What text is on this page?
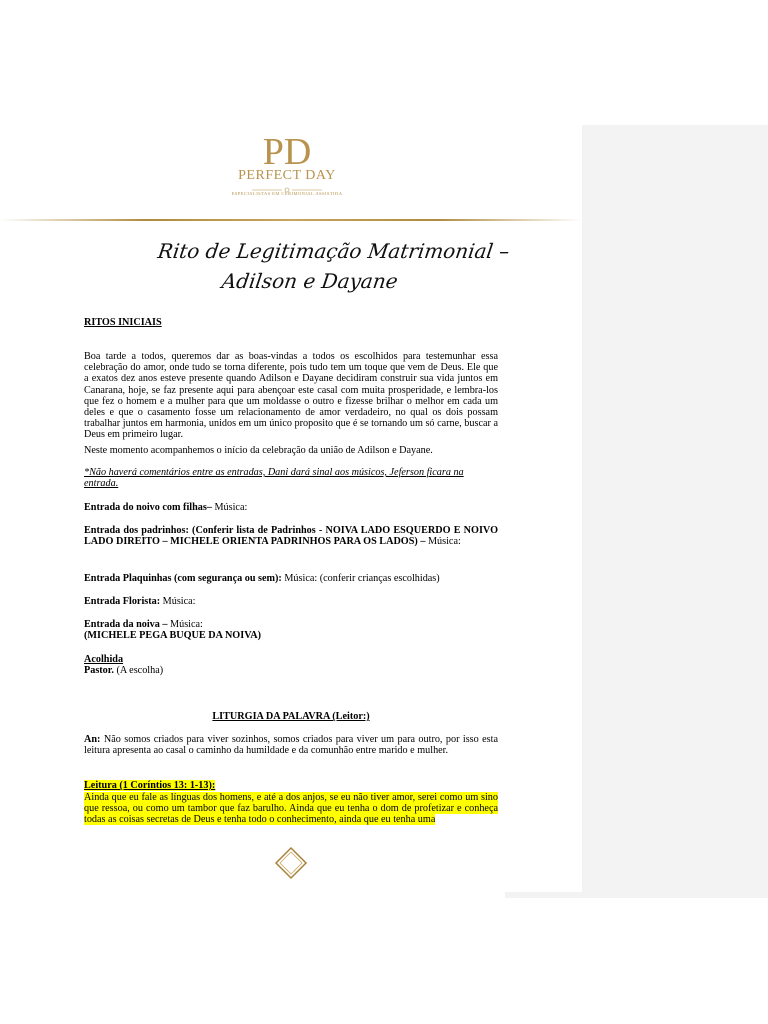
PD
PERFECT DAY
ESPECIALISTAS EM CERIMONIAL ASSISTIDA
Rito de Legitimação Matrimonial –
Adilson e Dayane
RITOS INICIAIS
Boa tarde a todos, queremos dar as boas-vindas a todos os escolhidos para testemunhar essa celebração do amor, onde tudo se torna diferente, pois tudo tem um toque que vem de Deus. Ele que a exatos dez anos esteve presente quando Adilson e Dayane decidiram construir sua vida juntos em Canarana, hoje, se faz presente aqui para abençoar este casal com muita prosperidade, e lembra-los que fez o homem e a mulher para que um moldasse o outro e fizesse brilhar o melhor em cada um deles e que o casamento fosse um relacionamento de amor verdadeiro, no qual os dois possam trabalhar juntos em harmonia, unidos em um único proposito que é se tornando um só carne, buscar a Deus em primeiro lugar.
Neste momento acompanhemos o início da celebração da união de Adilson e Dayane.
*Não haverá comentários entre as entradas, Dani dará sinal aos músicos, Jeferson ficara na entrada.
Entrada do noivo com filhas– Música:
Entrada dos padrinhos: (Conferir lista de Padrinhos - NOIVA LADO ESQUERDO E NOIVO LADO DIREITO – MICHELE ORIENTA PADRINHOS PARA OS LADOS) – Música:
Entrada Plaquinhas (com segurança ou sem): Música: (conferir crianças escolhidas)
Entrada Florista: Música:
Entrada da noiva – Música:
(MICHELE PEGA BUQUE DA NOIVA)
Acolhida
Pastor. (A escolha)
LITURGIA DA PALAVRA (Leitor:)
An: Não somos criados para viver sozinhos, somos criados para viver um para outro, por isso esta leitura apresenta ao casal o caminho da humildade e da comunhão entre marido e mulher.
Leitura (1 Coríntios 13: 1-13):
Ainda que eu fale as línguas dos homens, e até a dos anjos, se eu não tiver amor, serei como um sino que ressoa, ou como um tambor que faz barulho. Ainda que eu tenha o dom de profetizar e conheça todas as coisas secretas de Deus e tenha todo o conhecimento, ainda que eu tenha uma
